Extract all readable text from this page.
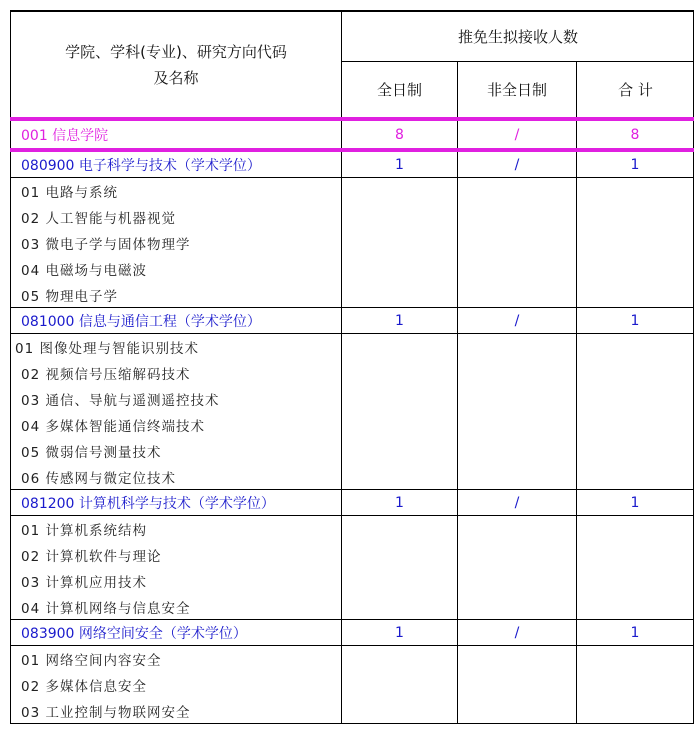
学院、学科(专业)、研究方向代码
及名称
推免生拟接收人数
全日制	非全日制	合 计
001 信息学院	8	/	8
080900 电子科学与技术（学术学位）	1	/	1
01 电路与系统
02 人工智能与机器视觉
03 微电子学与固体物理学
04 电磁场与电磁波
05 物理电子学
081000 信息与通信工程（学术学位）	1	/	1
01 图像处理与智能识别技术
02 视频信号压缩解码技术
03 通信、导航与遥测遥控技术
04 多媒体智能通信终端技术
05 微弱信号测量技术
06 传感网与微定位技术
081200 计算机科学与技术（学术学位）	1	/	1
01 计算机系统结构
02 计算机软件与理论
03 计算机应用技术
04 计算机网络与信息安全
083900 网络空间安全（学术学位）	1	/	1
01 网络空间内容安全
02 多媒体信息安全
03 工业控制与物联网安全
